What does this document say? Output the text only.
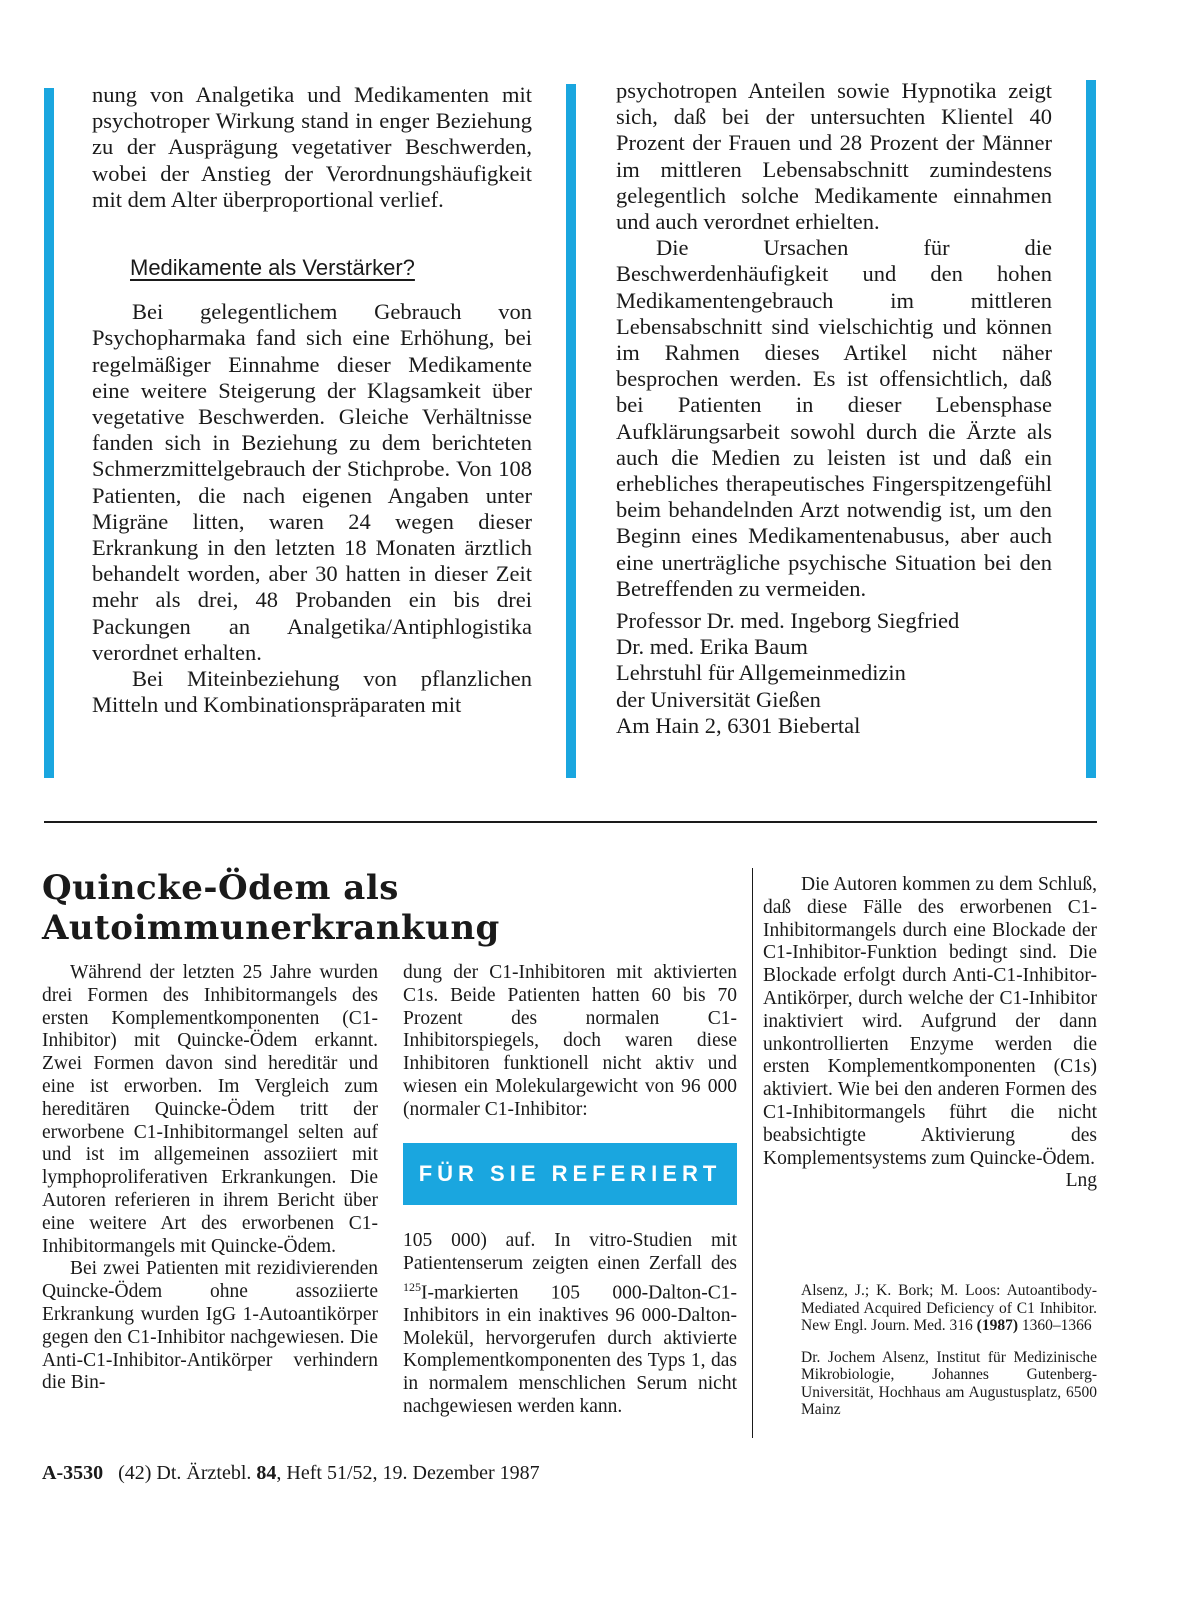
nung von Analgetika und Medikamenten mit psychotroper Wirkung stand in enger Beziehung zu der Ausprägung vegetativer Beschwerden, wobei der Anstieg der Verordnungshäufigkeit mit dem Alter überproportional verlief.

Medikamente als Verstärker?

Bei gelegentlichem Gebrauch von Psychopharmaka fand sich eine Erhöhung, bei regelmäßiger Einnahme dieser Medikamente eine weitere Steigerung der Klagsamkeit über vegetative Beschwerden. Gleiche Verhältnisse fanden sich in Beziehung zu dem berichteten Schmerzmittelgebrauch der Stichprobe. Von 108 Patienten, die nach eigenen Angaben unter Migräne litten, waren 24 wegen dieser Erkrankung in den letzten 18 Monaten ärztlich behandelt worden, aber 30 hatten in dieser Zeit mehr als drei, 48 Probanden ein bis drei Packungen an Analgetika/Antiphlogistika verordnet erhalten.

Bei Miteinbeziehung von pflanzlichen Mitteln und Kombinationspräparaten mit

psychotropen Anteilen sowie Hypnotika zeigt sich, daß bei der untersuchten Klientel 40 Prozent der Frauen und 28 Prozent der Männer im mittleren Lebensabschnitt zumindestens gelegentlich solche Medikamente einnahmen und auch verordnet erhielten.

Die Ursachen für die Beschwerdenhäufigkeit und den hohen Medikamentengebrauch im mittleren Lebensabschnitt sind vielschichtig und können im Rahmen dieses Artikel nicht näher besprochen werden. Es ist offensichtlich, daß bei Patienten in dieser Lebensphase Aufklärungsarbeit sowohl durch die Ärzte als auch die Medien zu leisten ist und daß ein erhebliches therapeutisches Fingerspitzengefühl beim behandelnden Arzt notwendig ist, um den Beginn eines Medikamentenabusus, aber auch eine unerträgliche psychische Situation bei den Betreffenden zu vermeiden.

Professor Dr. med. Ingeborg Siegfried
Dr. med. Erika Baum
Lehrstuhl für Allgemeinmedizin
der Universität Gießen
Am Hain 2, 6301 Biebertal

Quincke-Ödem als

Autoimmunerkrankung

Während der letzten 25 Jahre wurden drei Formen des Inhibitormangels des ersten Komplementkomponenten (C1-Inhibitor) mit Quincke-Ödem erkannt. Zwei Formen davon sind hereditär und eine ist erworben. Im Vergleich zum hereditären Quincke-Ödem tritt der erworbene C1-Inhibitormangel selten auf und ist im allgemeinen assoziiert mit lymphoproliferativen Erkrankungen. Die Autoren referieren in ihrem Bericht über eine weitere Art des erworbenen C1-Inhibitormangels mit Quincke-Ödem.

Bei zwei Patienten mit rezidivierenden Quincke-Ödem ohne assoziierte Erkrankung wurden IgG 1-Autoantikörper gegen den C1-Inhibitor nachgewiesen. Die Anti-C1-Inhibitor-Antikörper verhindern die Bin-

dung der C1-Inhibitoren mit aktivierten C1s. Beide Patienten hatten 60 bis 70 Prozent des normalen C1-Inhibitorspiegels, doch waren diese Inhibitoren funktionell nicht aktiv und wiesen ein Molekulargewicht von 96 000 (normaler C1-Inhibitor:

FÜR SIE REFERIERT

105 000) auf. In vitro-Studien mit Patientenserum zeigten einen Zerfall des $^{125}$I-markierten 105 000-Dalton-C1-Inhibitors in ein inaktives 96 000-Dalton-Molekül, hervorgerufen durch aktivierte Komplementkomponenten des Typs 1, das in normalem menschlichen Serum nicht nachgewiesen werden kann.

Die Autoren kommen zu dem Schluß, daß diese Fälle des erworbenen C1-Inhibitormangels durch eine Blockade der C1-Inhibitor-Funktion bedingt sind. Die Blockade erfolgt durch Anti-C1-Inhibitor-Antikörper, durch welche der C1-Inhibitor inaktiviert wird. Aufgrund der dann unkontrollierten Enzyme werden die ersten Komplementkomponenten (C1s) aktiviert. Wie bei den anderen Formen des C1-Inhibitormangels führt die nicht beabsichtigte Aktivierung des Komplementsystems zum Quincke-Ödem.
Lng

Alsenz, J.; K. Bork; M. Loos: Autoantibody-Mediated Acquired Deficiency of C1 Inhibitor. New Engl. Journ. Med. 316 (1987) 1360–1366

Dr. Jochem Alsenz, Institut für Medizinische Mikrobiologie, Johannes Gutenberg-Universität, Hochhaus am Augustusplatz, 6500 Mainz

A-3530 (42) Dt. Ärztebl. 84, Heft 51/52, 19. Dezember 1987
